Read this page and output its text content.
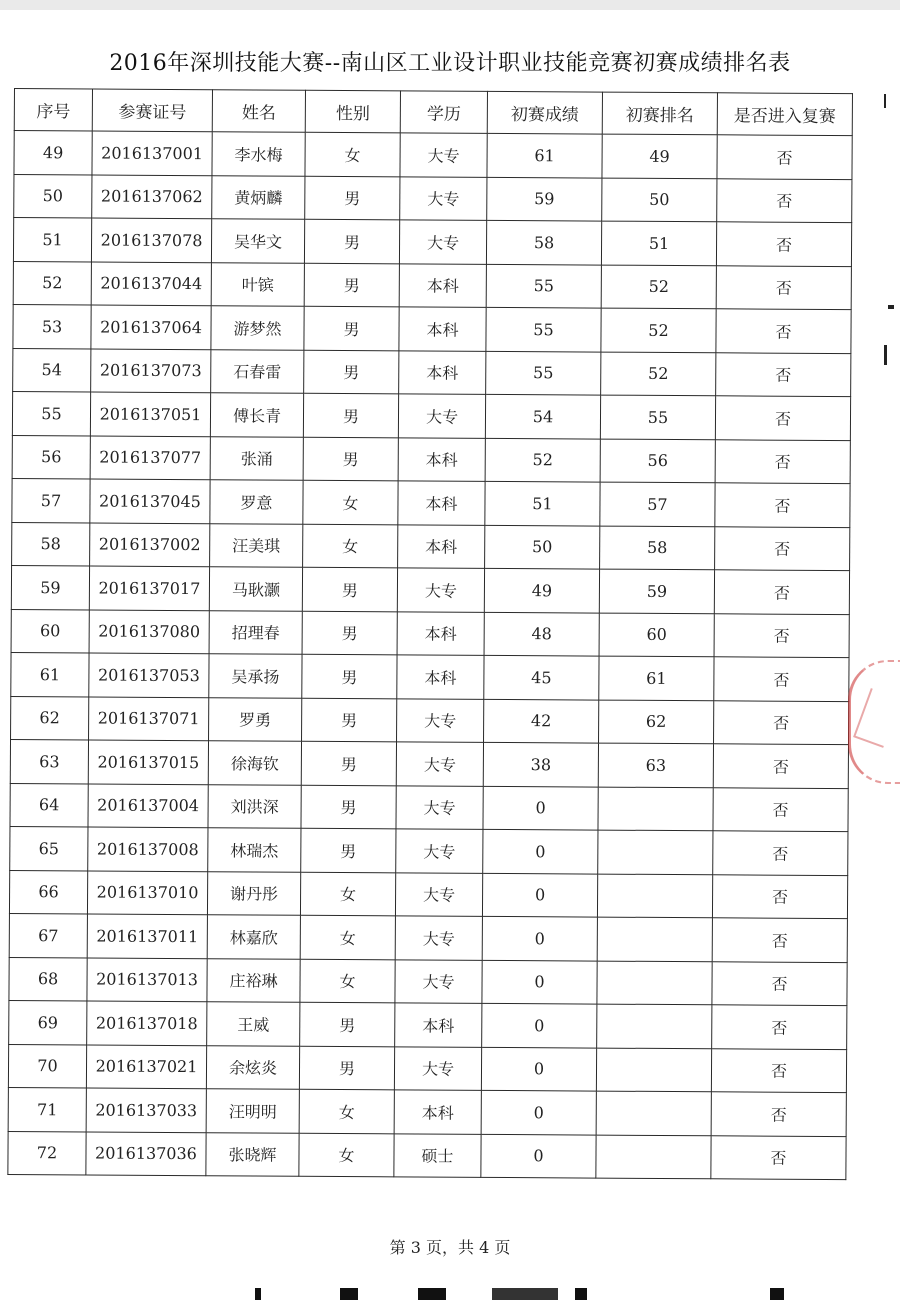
2016年深圳技能大赛--南山区工业设计职业技能竞赛初赛成绩排名表
序号	参赛证号	姓名	性别	学历	初赛成绩	初赛排名	是否进入复赛
49	2016137001	李水梅	女	大专	61	49	否
50	2016137062	黄炳麟	男	大专	59	50	否
51	2016137078	吴华文	男	大专	58	51	否
52	2016137044	叶镔	男	本科	55	52	否
53	2016137064	游梦然	男	本科	55	52	否
54	2016137073	石春雷	男	本科	55	52	否
55	2016137051	傅长青	男	大专	54	55	否
56	2016137077	张涌	男	本科	52	56	否
57	2016137045	罗意	女	本科	51	57	否
58	2016137002	汪美琪	女	本科	50	58	否
59	2016137017	马耿灏	男	大专	49	59	否
60	2016137080	招理春	男	本科	48	60	否
61	2016137053	吴承扬	男	本科	45	61	否
62	2016137071	罗勇	男	大专	42	62	否
63	2016137015	徐海钦	男	大专	38	63	否
64	2016137004	刘洪深	男	大专	0		否
65	2016137008	林瑞杰	男	大专	0		否
66	2016137010	谢丹彤	女	大专	0		否
67	2016137011	林嘉欣	女	大专	0		否
68	2016137013	庄裕琳	女	大专	0		否
69	2016137018	王威	男	本科	0		否
70	2016137021	余炫炎	男	大专	0		否
71	2016137033	汪明明	女	本科	0		否
72	2016137036	张晓辉	女	硕士	0		否
第 3 页，共 4 页
